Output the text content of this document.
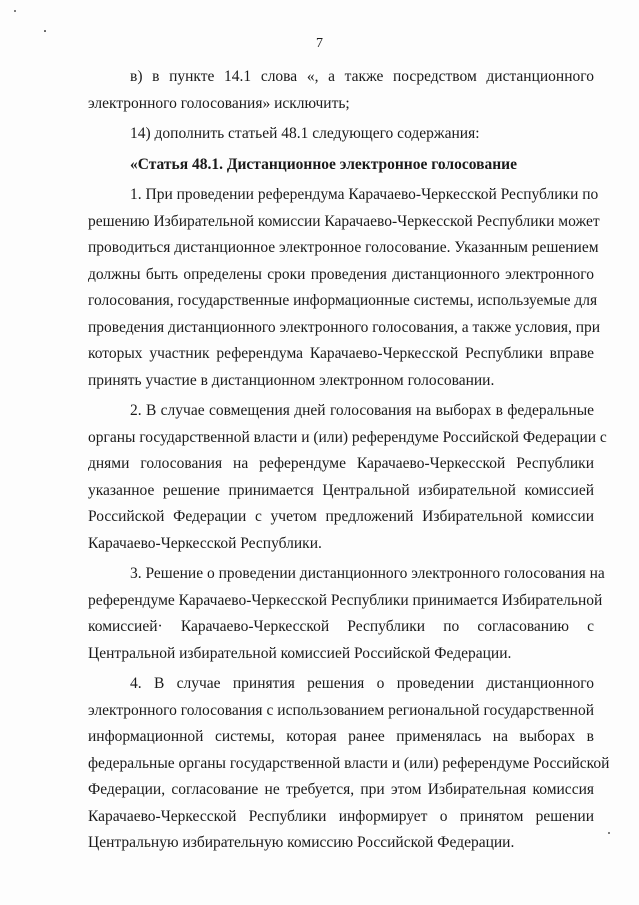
7
в) в пункте 14.1 слова «, а также посредством дистанционного
электронного голосования» исключить;
14) дополнить статьей 48.1 следующего содержания:
«Статья 48.1. Дистанционное электронное голосование
1. При проведении референдума Карачаево-Черкесской Республики по
решению Избирательной комиссии Карачаево-Черкесской Республики может
проводиться дистанционное электронное голосование. Указанным решением
должны быть определены сроки проведения дистанционного электронного
голосования, государственные информационные системы, используемые для
проведения дистанционного электронного голосования, а также условия, при
которых участник референдума Карачаево-Черкесской Республики вправе
принять участие в дистанционном электронном голосовании.
2. В случае совмещения дней голосования на выборах в федеральные
органы государственной власти и (или) референдуме Российской Федерации с
днями голосования на референдуме Карачаево-Черкесской Республики
указанное решение принимается Центральной избирательной комиссией
Российской Федерации с учетом предложений Избирательной комиссии
Карачаево-Черкесской Республики.
3. Решение о проведении дистанционного электронного голосования на
референдуме Карачаево-Черкесской Республики принимается Избирательной
комиссией· Карачаево-Черкесской Республики по согласованию с
Центральной избирательной комиссией Российской Федерации.
4. В случае принятия решения о проведении дистанционного
электронного голосования с использованием региональной государственной
информационной системы, которая ранее применялась на выборах в
федеральные органы государственной власти и (или) референдуме Российской
Федерации, согласование не требуется, при этом Избирательная комиссия
Карачаево-Черкесской Республики информирует о принятом решении
Центральную избирательную комиссию Российской Федерации.
